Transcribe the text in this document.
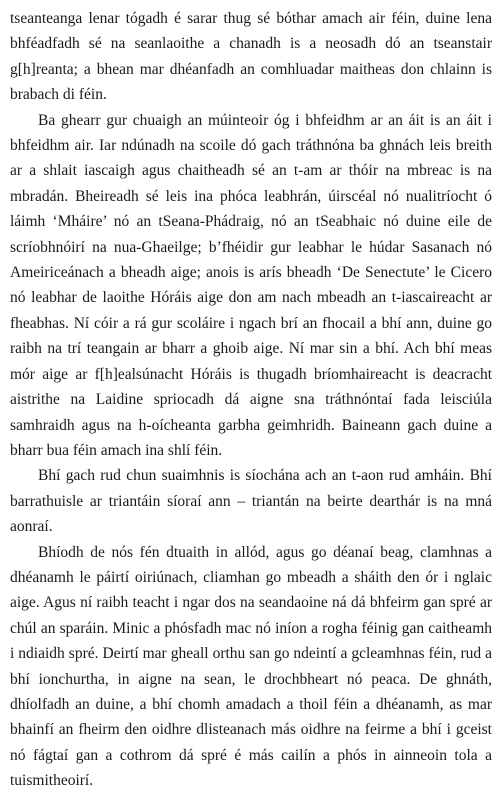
tseanteanga lenar tógadh é sarar thug sé bóthar amach air féin, duine lena bhféadfadh sé na seanlaoithe a chanadh is a neosadh dó an tseanstair g[h]reanta; a bhean mar dhéanfadh an comhluadar maitheas don chlainn is brabach di féin.

Ba ghearr gur chuaigh an múinteoir óg i bhfeidhm ar an áit is an áit i bhfeidhm air. Iar ndúnadh na scoile dó gach tráthnóna ba ghnách leis breith ar a shlait iascaigh agus chaitheadh sé an t-am ar thóir na mbreac is na mbradán. Bheireadh sé leis ina phóca leabhrán, úirscéal nó nualitríocht ó láimh ‘Mháire’ nó an tSeana-Phádraig, nó an tSeabhaic nó duine eile de scríobhnóirí na nua-Ghaeilge; b’fhéidir gur leabhar le húdar Sasanach nó Ameiriceánach a bheadh aige; anois is arís bheadh ‘De Senectute’ le Cicero nó leabhar de laoithe Hóráis aige don am nach mbeadh an t-iascaireacht ar fheabhas. Ní cóir a rá gur scoláire i ngach brí an fhocail a bhí ann, duine go raibh na trí teangain ar bharr a ghoib aige. Ní mar sin a bhí. Ach bhí meas mór aige ar f[h]ealsúnacht Hóráis is thugadh bríomhaireacht is deacracht aistrithe na Laidine spriocadh dá aigne sna tráthnóntaí fada leisciúla samhraidh agus na h-oícheanta garbha geimhridh. Baineann gach duine a bharr bua féin amach ina shlí féin.

Bhí gach rud chun suaimhnis is síochána ach an t-aon rud amháin. Bhí barrathuisle ar triantáin síoraí ann – triantán na beirte dearthár is na mná aonraí.

Bhíodh de nós fén dtuaith in allód, agus go déanaí beag, clamhnas a dhéanamh le páirtí oiriúnach, cliamhan go mbeadh a sháith den ór i nglaic aige. Agus ní raibh teacht i ngar dos na seandaoine ná dá bhfeirm gan spré ar chúl an sparáin. Minic a phósfadh mac nó iníon a rogha féinig gan caitheamh i ndiaidh spré. Deirtí mar gheall orthu san go ndeintí a gcleamhnas féin, rud a bhí ionchurtha, in aigne na sean, le drochbheart nó peaca. De ghnáth, dhíolfadh an duine, a bhí chomh amadach a thoil féin a dhéanamh, as mar bhainfí an fheirm den oidhre dlisteanach más oidhre na feirme a bhí i gceist nó fágtaí gan a cothrom dá spré é más cailín a phós in ainneoin tola a tuismitheoirí.
